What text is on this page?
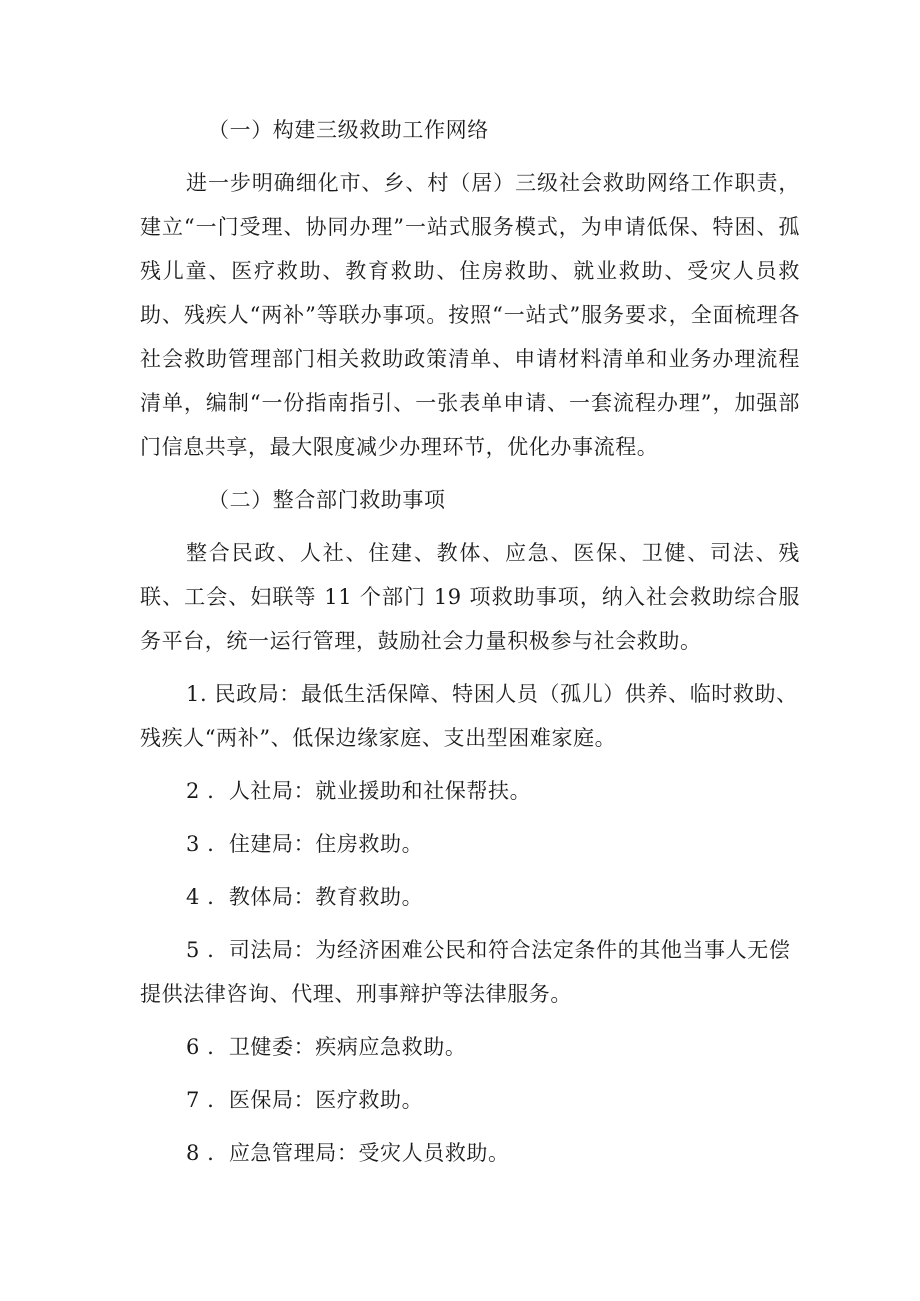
（一）构建三级救助工作网络

进一步明确细化市、乡、村（居）三级社会救助网络工作职责，建立“一门受理、协同办理”一站式服务模式，为申请低保、特困、孤残儿童、医疗救助、教育救助、住房救助、就业救助、受灾人员救助、残疾人“两补”等联办事项。按照“一站式”服务要求，全面梳理各社会救助管理部门相关救助政策清单、申请材料清单和业务办理流程清单，编制“一份指南指引、一张表单申请、一套流程办理”，加强部门信息共享，最大限度减少办理环节，优化办事流程。

（二）整合部门救助事项

整合民政、人社、住建、教体、应急、医保、卫健、司法、残联、工会、妇联等 11 个部门 19 项救助事项，纳入社会救助综合服务平台，统一运行管理，鼓励社会力量积极参与社会救助。

1. 民政局：最低生活保障、特困人员（孤儿）供养、临时救助、残疾人“两补”、低保边缘家庭、支出型困难家庭。

2 ．人社局：就业援助和社保帮扶。

3 ．住建局：住房救助。

4 ．教体局：教育救助。

5 ．司法局：为经济困难公民和符合法定条件的其他当事人无偿提供法律咨询、代理、刑事辩护等法律服务。

6 ．卫健委：疾病应急救助。

7 ．医保局：医疗救助。

8 ．应急管理局：受灾人员救助。
